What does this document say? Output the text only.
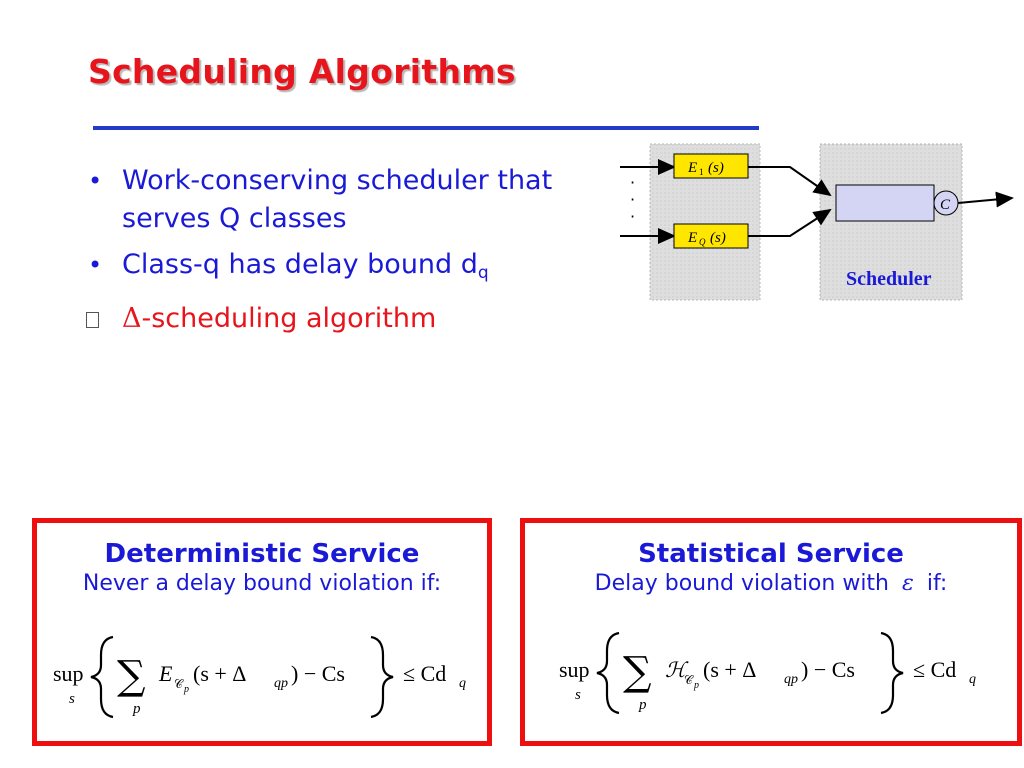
Scheduling Algorithms
• Work-conserving scheduler that serves Q classes
• Class-q has delay bound $d_q$
Δ-scheduling algorithm
E 1 (s)
E Q (s)
·
·
·
C
Scheduler
Deterministic Service
Never a delay bound violation if:
sup
s ∑
p
E 𝒞 p
(s + Δ qp ) − Cs	≤ Cd q
Statistical Service
Delay bound violation with ε if:
sup
s ∑
p
ℋ
𝒞 p
(s + Δ qp ) − Cs	≤ Cd q
